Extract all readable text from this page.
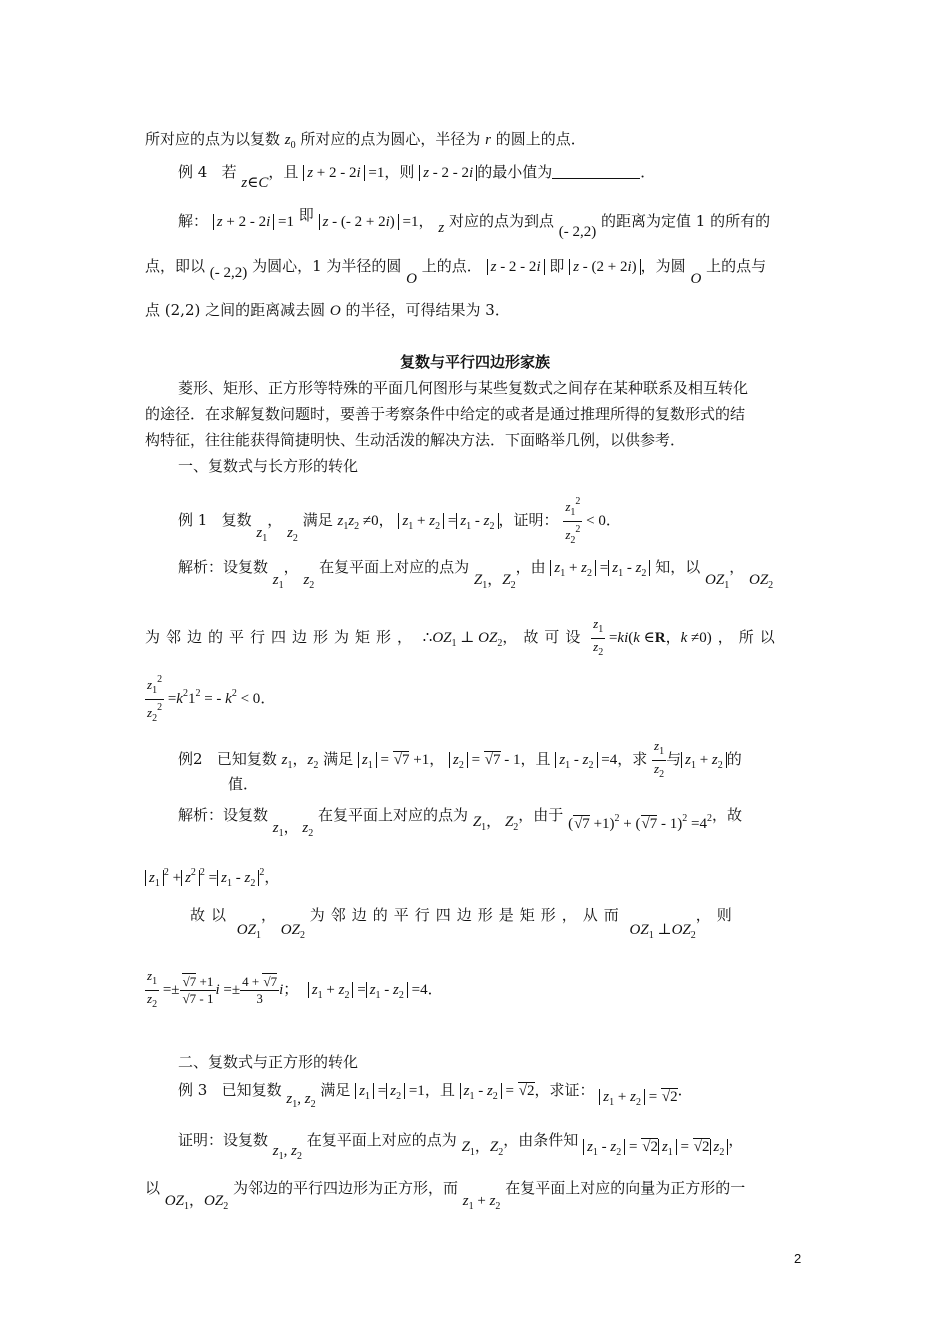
所对应的点为以复数 $z_0$ 所对应的点为圆心，半径为 r 的圆上的点．
例 4 若 z∈C，且 z + 2 - 2i =1，则 z - 2 - 2i 的最小值为	．
解： z + 2 - 2i =1 即 z - (- 2 + 2i) =1， z 对应的点为到点 (- 2,2) 的距离为定值 1 的所有的
点，即以 (- 2,2) 为圆心，1 为半径的圆 O 上的点． z - 2 - 2i 即 z - (2 + 2i) ，为圆 O 上的点与
点 (2,2) 之间的距离减去圆 O 的半径，可得结果为 3．
复数与平行四边形家族
菱形、矩形、正方形等特殊的平面几何图形与某些复数式之间存在某种联系及相互转化
的途径．在求解复数问题时，要善于考察条件中给定的或者是通过推理所得的复数形式的结
构特征，往往能获得简捷明快、生动活泼的解决方法．下面略举几例，以供参考．
一、复数式与长方形的转化
例 1 复数 $z_1$， $z_2$ 满足 $z_1z_2 \ne 0$， $z_1 + z_2 = z_1 - z_2$ ，证明： $\frac{z_1^2}{z_2^2} < 0$．
解析：设复数 $z_1$， $z_2$ 在复平面上对应的点为 $Z_1$，$Z_2$，由 $z_1 + z_2 = z_1 - z_2$ 知，以 $OZ_1$， $OZ_2$
为邻边的平行四边形为矩形， $\therefore OZ_1$ ⊥ $OZ_2$，故可设 $\frac{z_1}{z_2} =ki(k$ ∈R，k ≠0) ，所以
$\frac{z_1^2}{z_2^2} =k^21^2$ = - $k^2 < 0$．
例2 已知复数 $z_1$，$z_2$ 满足 $z_1 = √7 +1$， $z_2 = √7 - 1$，且 $z_1 - z_2 =4$，求 $\frac{z_1}{z_2}$ 与 $z_1 + z_2$ 的
值．
解析：设复数 $z_1$， $z_2$ 在复平面上对应的点为 $Z_1$， $Z_2$，由于 $(√7 +1)^2 + (√7 - 1)^2 =4^2$，故
$z_1^2 + z^2$ $^2 = z_1 - z_2^2$，
故以 $OZ_1$， $OZ_2$ 为邻边的平行四边形是矩形，从而 $OZ_1$ $\perp OZ_2$，则
$\frac{z_1}{z_2} =\pm \frac{√7 +1}{√7 - 1}$ $i =\pm \frac{4 + √7}{3}$ i；  $z_1 + z_2 = z_1 - z_2 =4$．
二、复数式与正方形的转化
例 3 已知复数 $z_1$, $z_2$ 满足 $z_1 = z_2 =1$，且 $z_1 - z_2 = √2$，求证： $z_1 + z_2 = √2$．
证明：设复数 $z_1$, $z_2$ 在复平面上对应的点为 $Z_1$，$Z_2$，由条件知 $z_1 - z_2 = √2$ $z_1 = √2$ $z_2$，
以 $OZ_1$，$OZ_2$ 为邻边的平行四边形为正方形，而 $z_1 + z_2$ 在复平面上对应的向量为正方形的一
2
